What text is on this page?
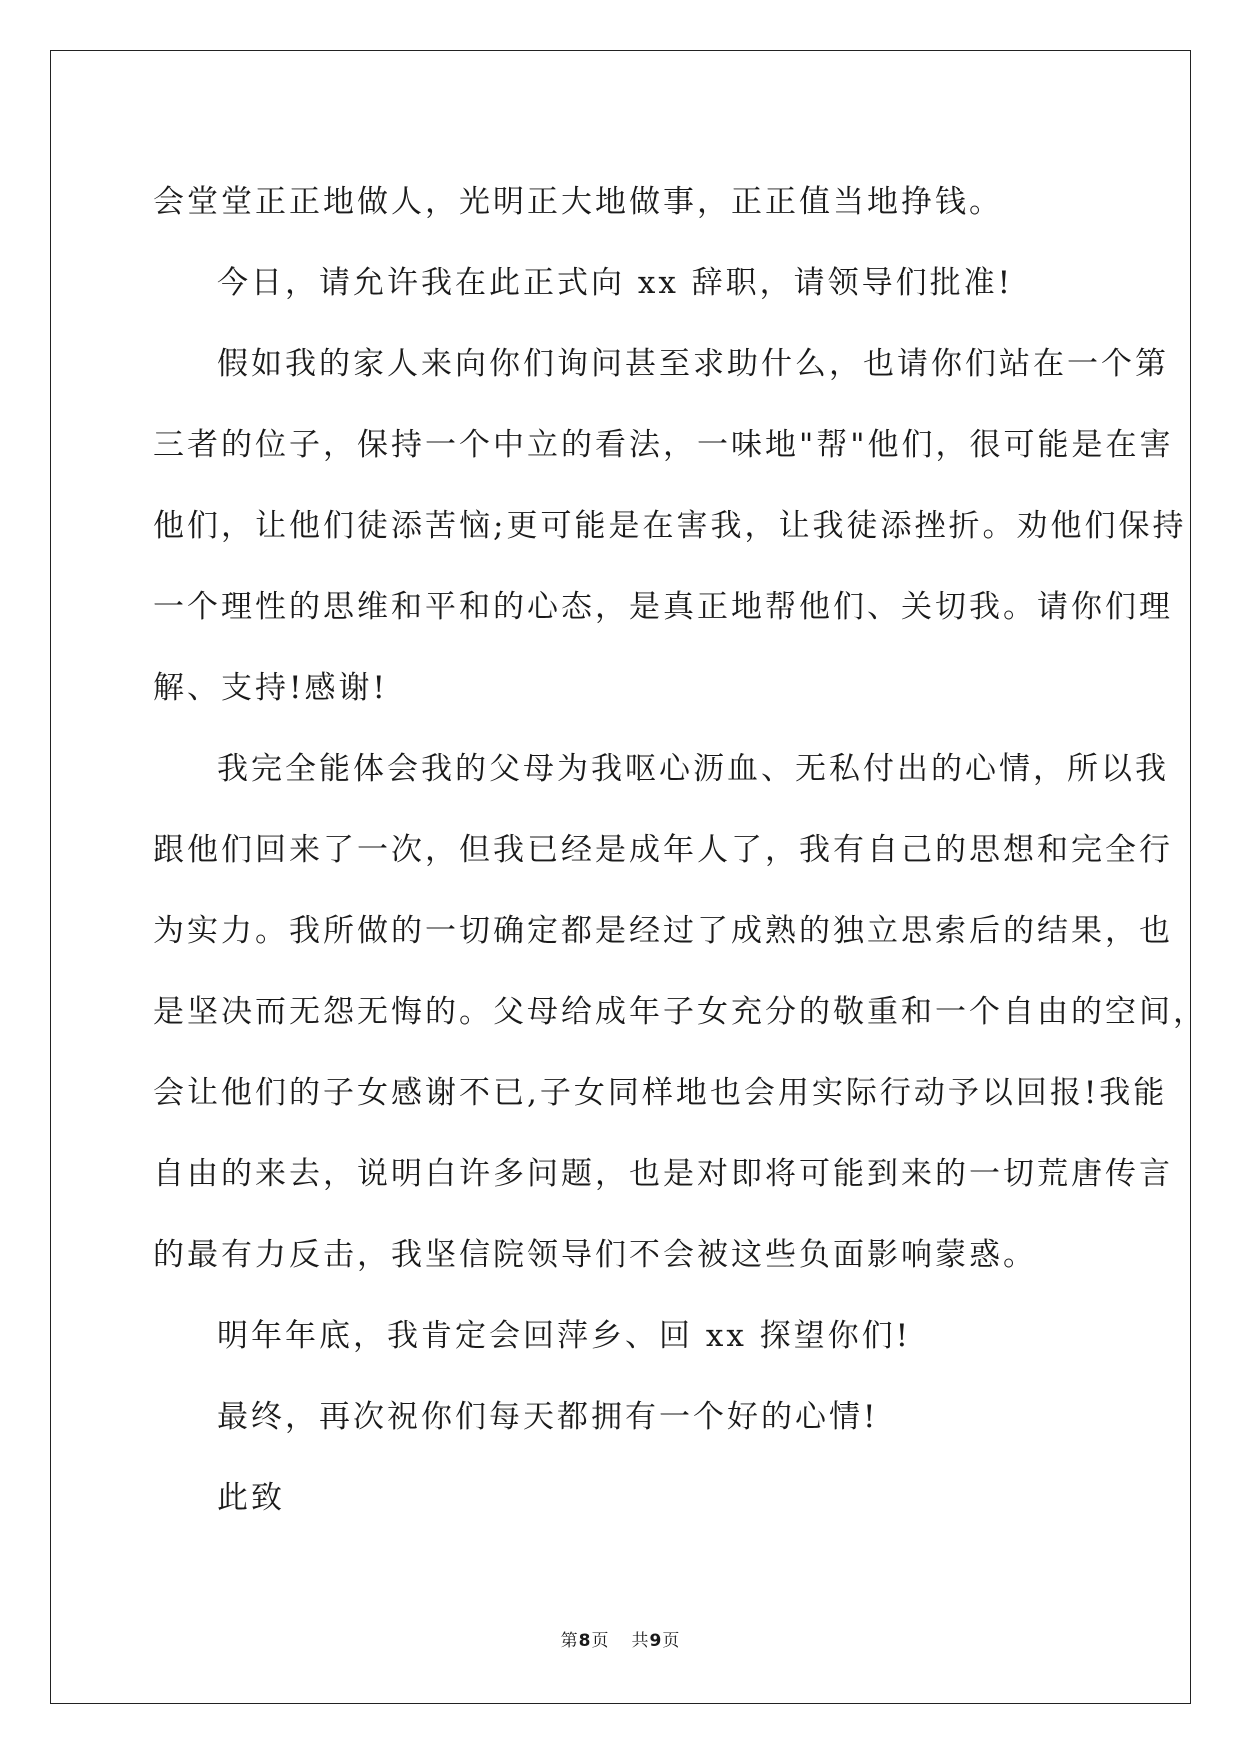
会堂堂正正地做人，光明正大地做事，正正值当地挣钱。
今日，请允许我在此正式向 xx 辞职，请领导们批准!
假如我的家人来向你们询问甚至求助什么，也请你们站在一个第
三者的位子，保持一个中立的看法，一味地"帮"他们，很可能是在害
他们，让他们徒添苦恼;更可能是在害我，让我徒添挫折。劝他们保持
一个理性的思维和平和的心态，是真正地帮他们、关切我。请你们理
解、支持!感谢!
我完全能体会我的父母为我呕心沥血、无私付出的心情，所以我
跟他们回来了一次，但我已经是成年人了，我有自己的思想和完全行
为实力。我所做的一切确定都是经过了成熟的独立思索后的结果，也
是坚决而无怨无悔的。父母给成年子女充分的敬重和一个自由的空间，
会让他们的子女感谢不已,子女同样地也会用实际行动予以回报!我能
自由的来去，说明白许多问题，也是对即将可能到来的一切荒唐传言
的最有力反击，我坚信院领导们不会被这些负面影响蒙惑。
明年年底，我肯定会回萍乡、回 xx 探望你们!
最终，再次祝你们每天都拥有一个好的心情!
此致
第8页 共9页
